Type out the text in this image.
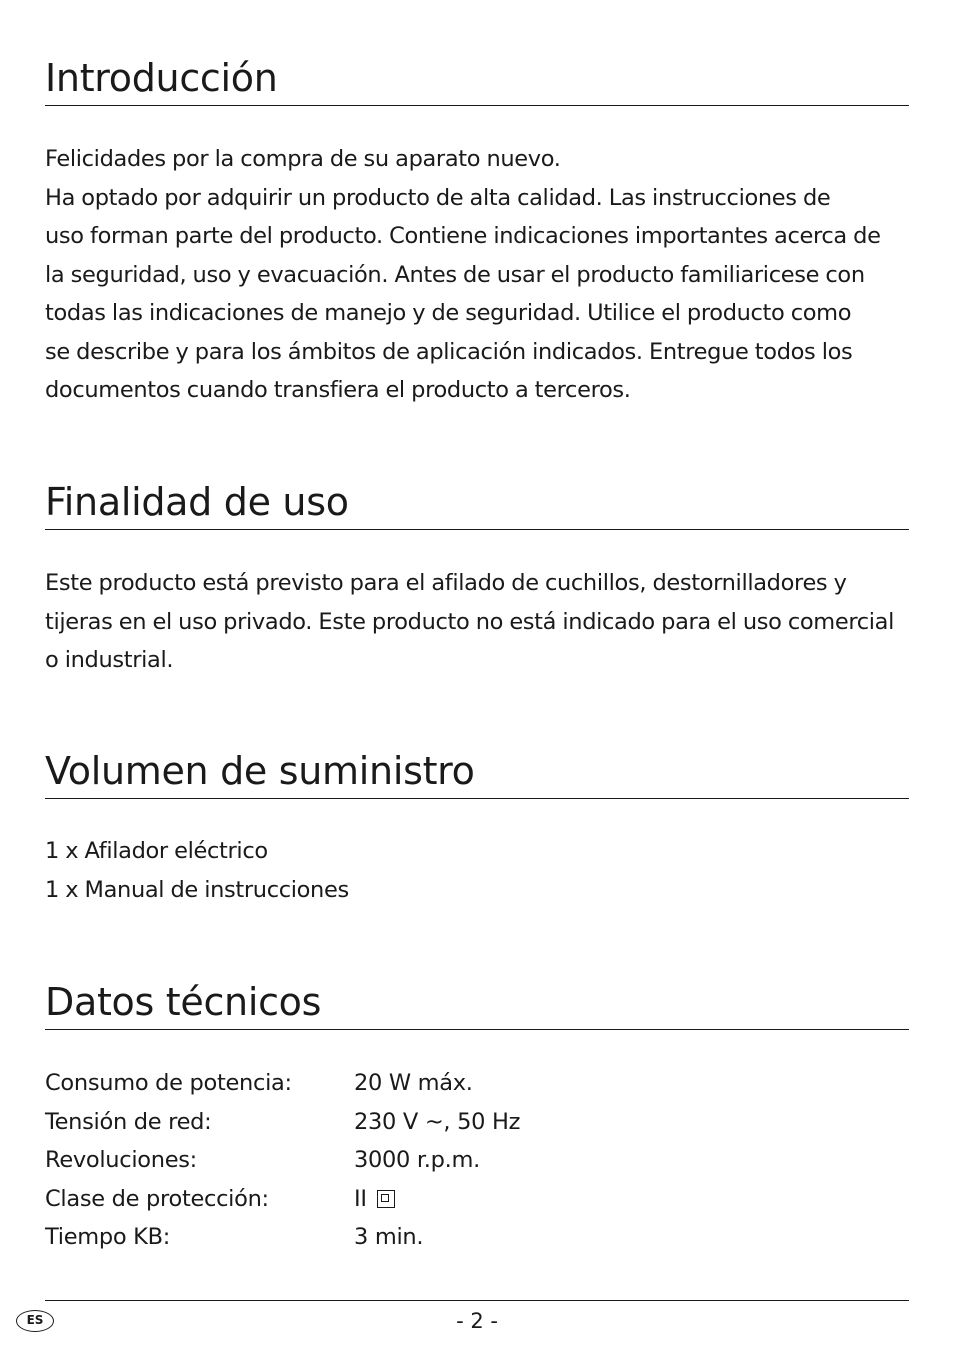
Introducción

Felicidades por la compra de su aparato nuevo.
Ha optado por adquirir un producto de alta calidad. Las instrucciones de
uso forman parte del producto. Contiene indicaciones importantes acerca de
la seguridad, uso y evacuación. Antes de usar el producto familiaricese con
todas las indicaciones de manejo y de seguridad. Utilice el producto como
se describe y para los ámbitos de aplicación indicados. Entregue todos los
documentos cuando transfiera el producto a terceros.

Finalidad de uso

Este producto está previsto para el afilado de cuchillos, destornilladores y
tijeras en el uso privado. Este producto no está indicado para el uso comercial
o industrial.

Volumen de suministro

1 x Afilador eléctrico
1 x Manual de instrucciones

Datos técnicos
Consumo de potencia:	20 W máx.
Tensión de red:	230 V ~, 50 Hz
Revoluciones:	3000 r.p.m.
Clase de protección:	II
Tiempo KB:	3 min.
ES	- 2 -
